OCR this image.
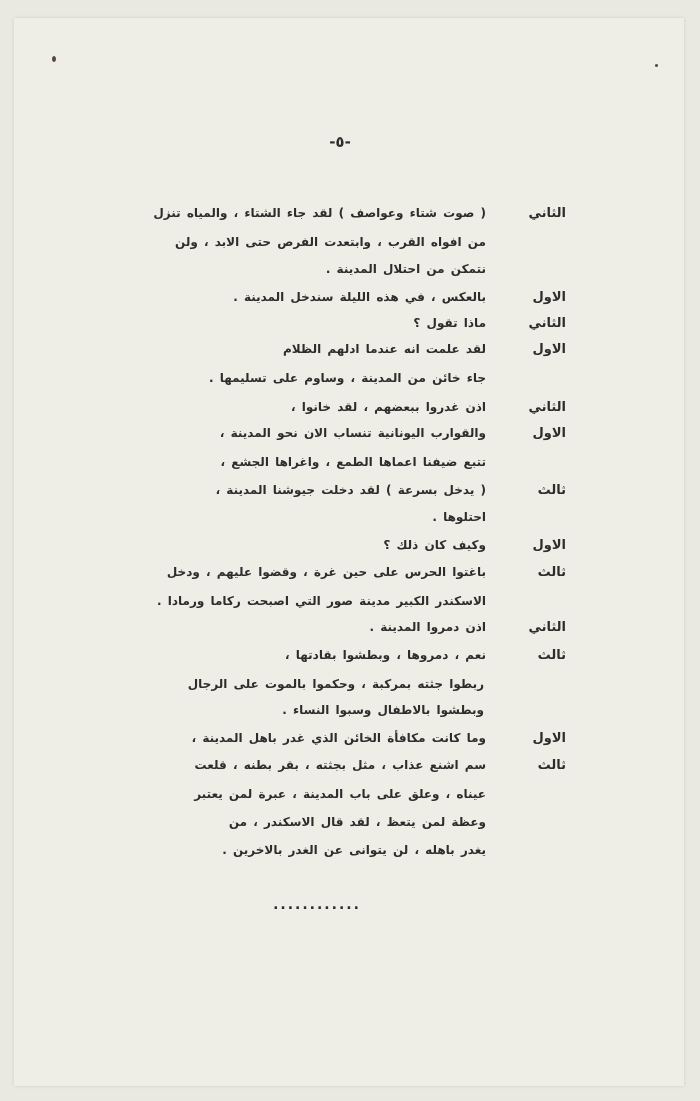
-٥-
الثاني
( صوت شتاء وعواصف ) لقد جاء الشتاء ، والمياه تنزل
من افواه القرب ، وابتعدت الفرص حتى الابد ، ولن
نتمكن من احتلال المدينة .
الاول
بالعكس ، في هذه الليلة سندخل المدينة .
الثاني
ماذا تقول ؟
الاول
لقد علمت انه عندما ادلهم الظلام
جاء خائن من المدينة ، وساوم على تسليمها .
الثاني
اذن غدروا ببعضهم ، لقد خانوا ،
الاول
والقوارب اليونانية تنساب الان نحو المدينة ،
تتبع ضيفنا اعماها الطمع ، واغراها الجشع ،
ثالث
( يدخل بسرعة ) لقد دخلت جيوشنا المدينة ،
احتلوها .
الاول
وكيف كان ذلك ؟
ثالث
باغتوا الحرس على حين غرة ، وقضوا عليهم ، ودخل
الاسكندر الكبير مدينة صور التي اصبحت ركاما ورمادا .
الثاني
اذن دمروا المدينة .
ثالث
نعم ، دمروها ، وبطشوا بقادتها ،
ربطوا جثته بمركبة ، وحكموا بالموت على الرجال
وبطشوا بالاطفال وسبوا النساء .
الاول
وما كانت مكافأة الخائن الذي غدر باهل المدينة ،
ثالث
سم اشنع عذاب ، مثل بجثته ، بقر بطنه ، قلعت
عيناه ، وعلق على باب المدينة ، عبرة لمن يعتبر
وعظة لمن يتعظ ، لقد قال الاسكندر ، من
يغدر باهله ، لن يتوانى عن الغدر بالاخرين .
............
